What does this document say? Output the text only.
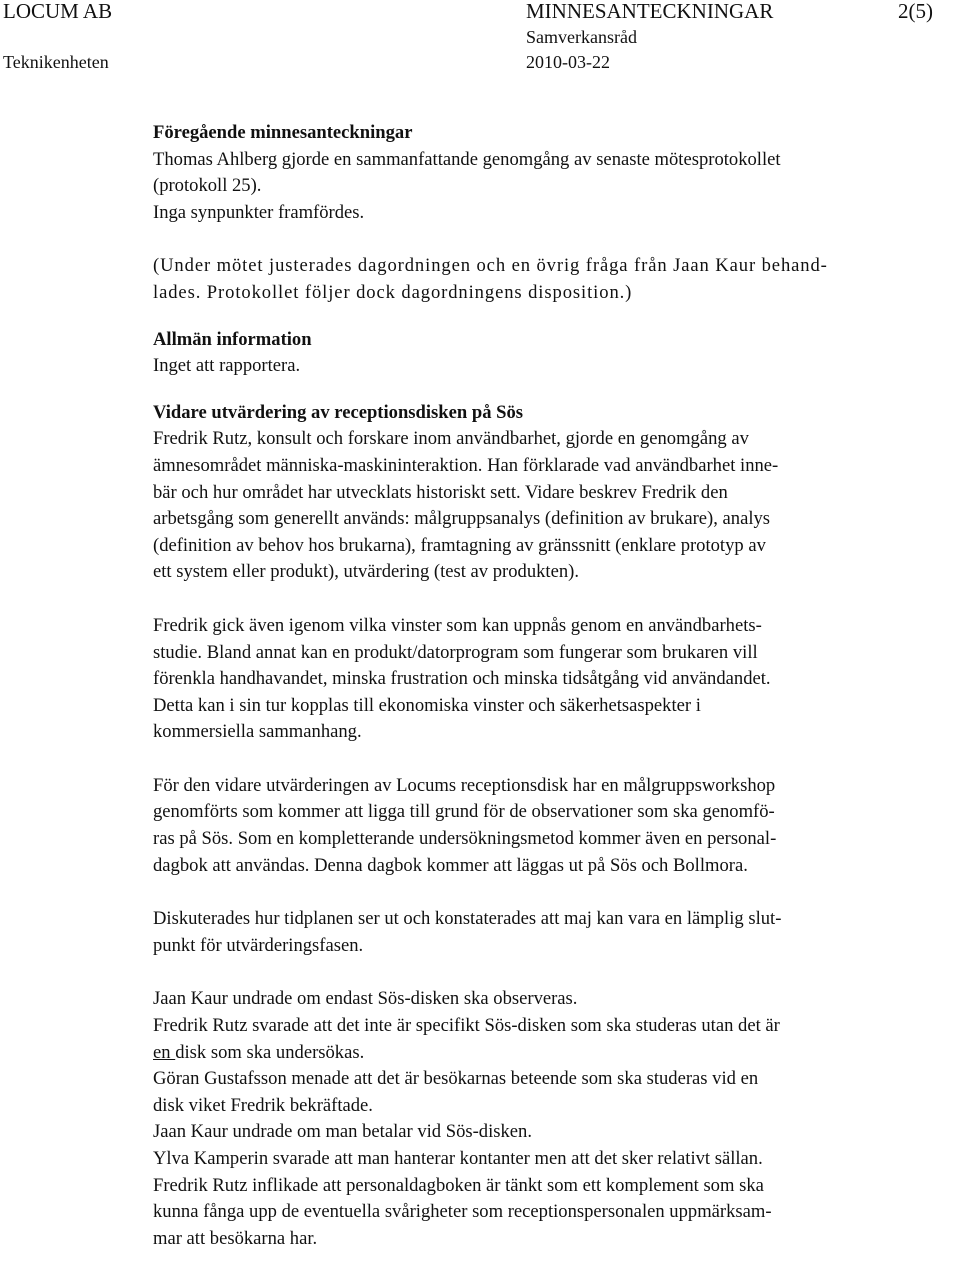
LOCUM AB
Teknikenheten
MINNESANTECKNINGAR
Samverkansråd
2010-03-22
2(5)
Föregående minnesanteckningar
Thomas Ahlberg gjorde en sammanfattande genomgång av senaste mötesprotokollet
(protokoll 25).
Inga synpunkter framfördes.
(Under mötet justerades dagordningen och en övrig fråga från Jaan Kaur behand-
lades. Protokollet följer dock dagordningens disposition.)
Allmän information
Inget att rapportera.
Vidare utvärdering av receptionsdisken på Sös
Fredrik Rutz, konsult och forskare inom användbarhet, gjorde en genomgång av
ämnesområdet människa-maskininteraktion. Han förklarade vad användbarhet inne-
bär och hur området har utvecklats historiskt sett. Vidare beskrev Fredrik den
arbetsgång som generellt används: målgruppsanalys (definition av brukare), analys
(definition av behov hos brukarna), framtagning av gränssnitt (enklare prototyp av
ett system eller produkt), utvärdering (test av produkten).
Fredrik gick även igenom vilka vinster som kan uppnås genom en användbarhets-
studie. Bland annat kan en produkt/datorprogram som fungerar som brukaren vill
förenkla handhavandet, minska frustration och minska tidsåtgång vid användandet.
Detta kan i sin tur kopplas till ekonomiska vinster och säkerhetsaspekter i
kommersiella sammanhang.
För den vidare utvärderingen av Locums receptionsdisk har en målgruppsworkshop
genomförts som kommer att ligga till grund för de observationer som ska genomfö-
ras på Sös. Som en kompletterande undersökningsmetod kommer även en personal-
dagbok att användas. Denna dagbok kommer att läggas ut på Sös och Bollmora.
Diskuterades hur tidplanen ser ut och konstaterades att maj kan vara en lämplig slut-
punkt för utvärderingsfasen.
Jaan Kaur undrade om endast Sös-disken ska observeras.
Fredrik Rutz svarade att det inte är specifikt Sös-disken som ska studeras utan det är
en disk som ska undersökas.
Göran Gustafsson menade att det är besökarnas beteende som ska studeras vid en
disk viket Fredrik bekräftade.
Jaan Kaur undrade om man betalar vid Sös-disken.
Ylva Kamperin svarade att man hanterar kontanter men att det sker relativt sällan.
Fredrik Rutz inflikade att personaldagboken är tänkt som ett komplement som ska
kunna fånga upp de eventuella svårigheter som receptionspersonalen uppmärksam-
mar att besökarna har.
